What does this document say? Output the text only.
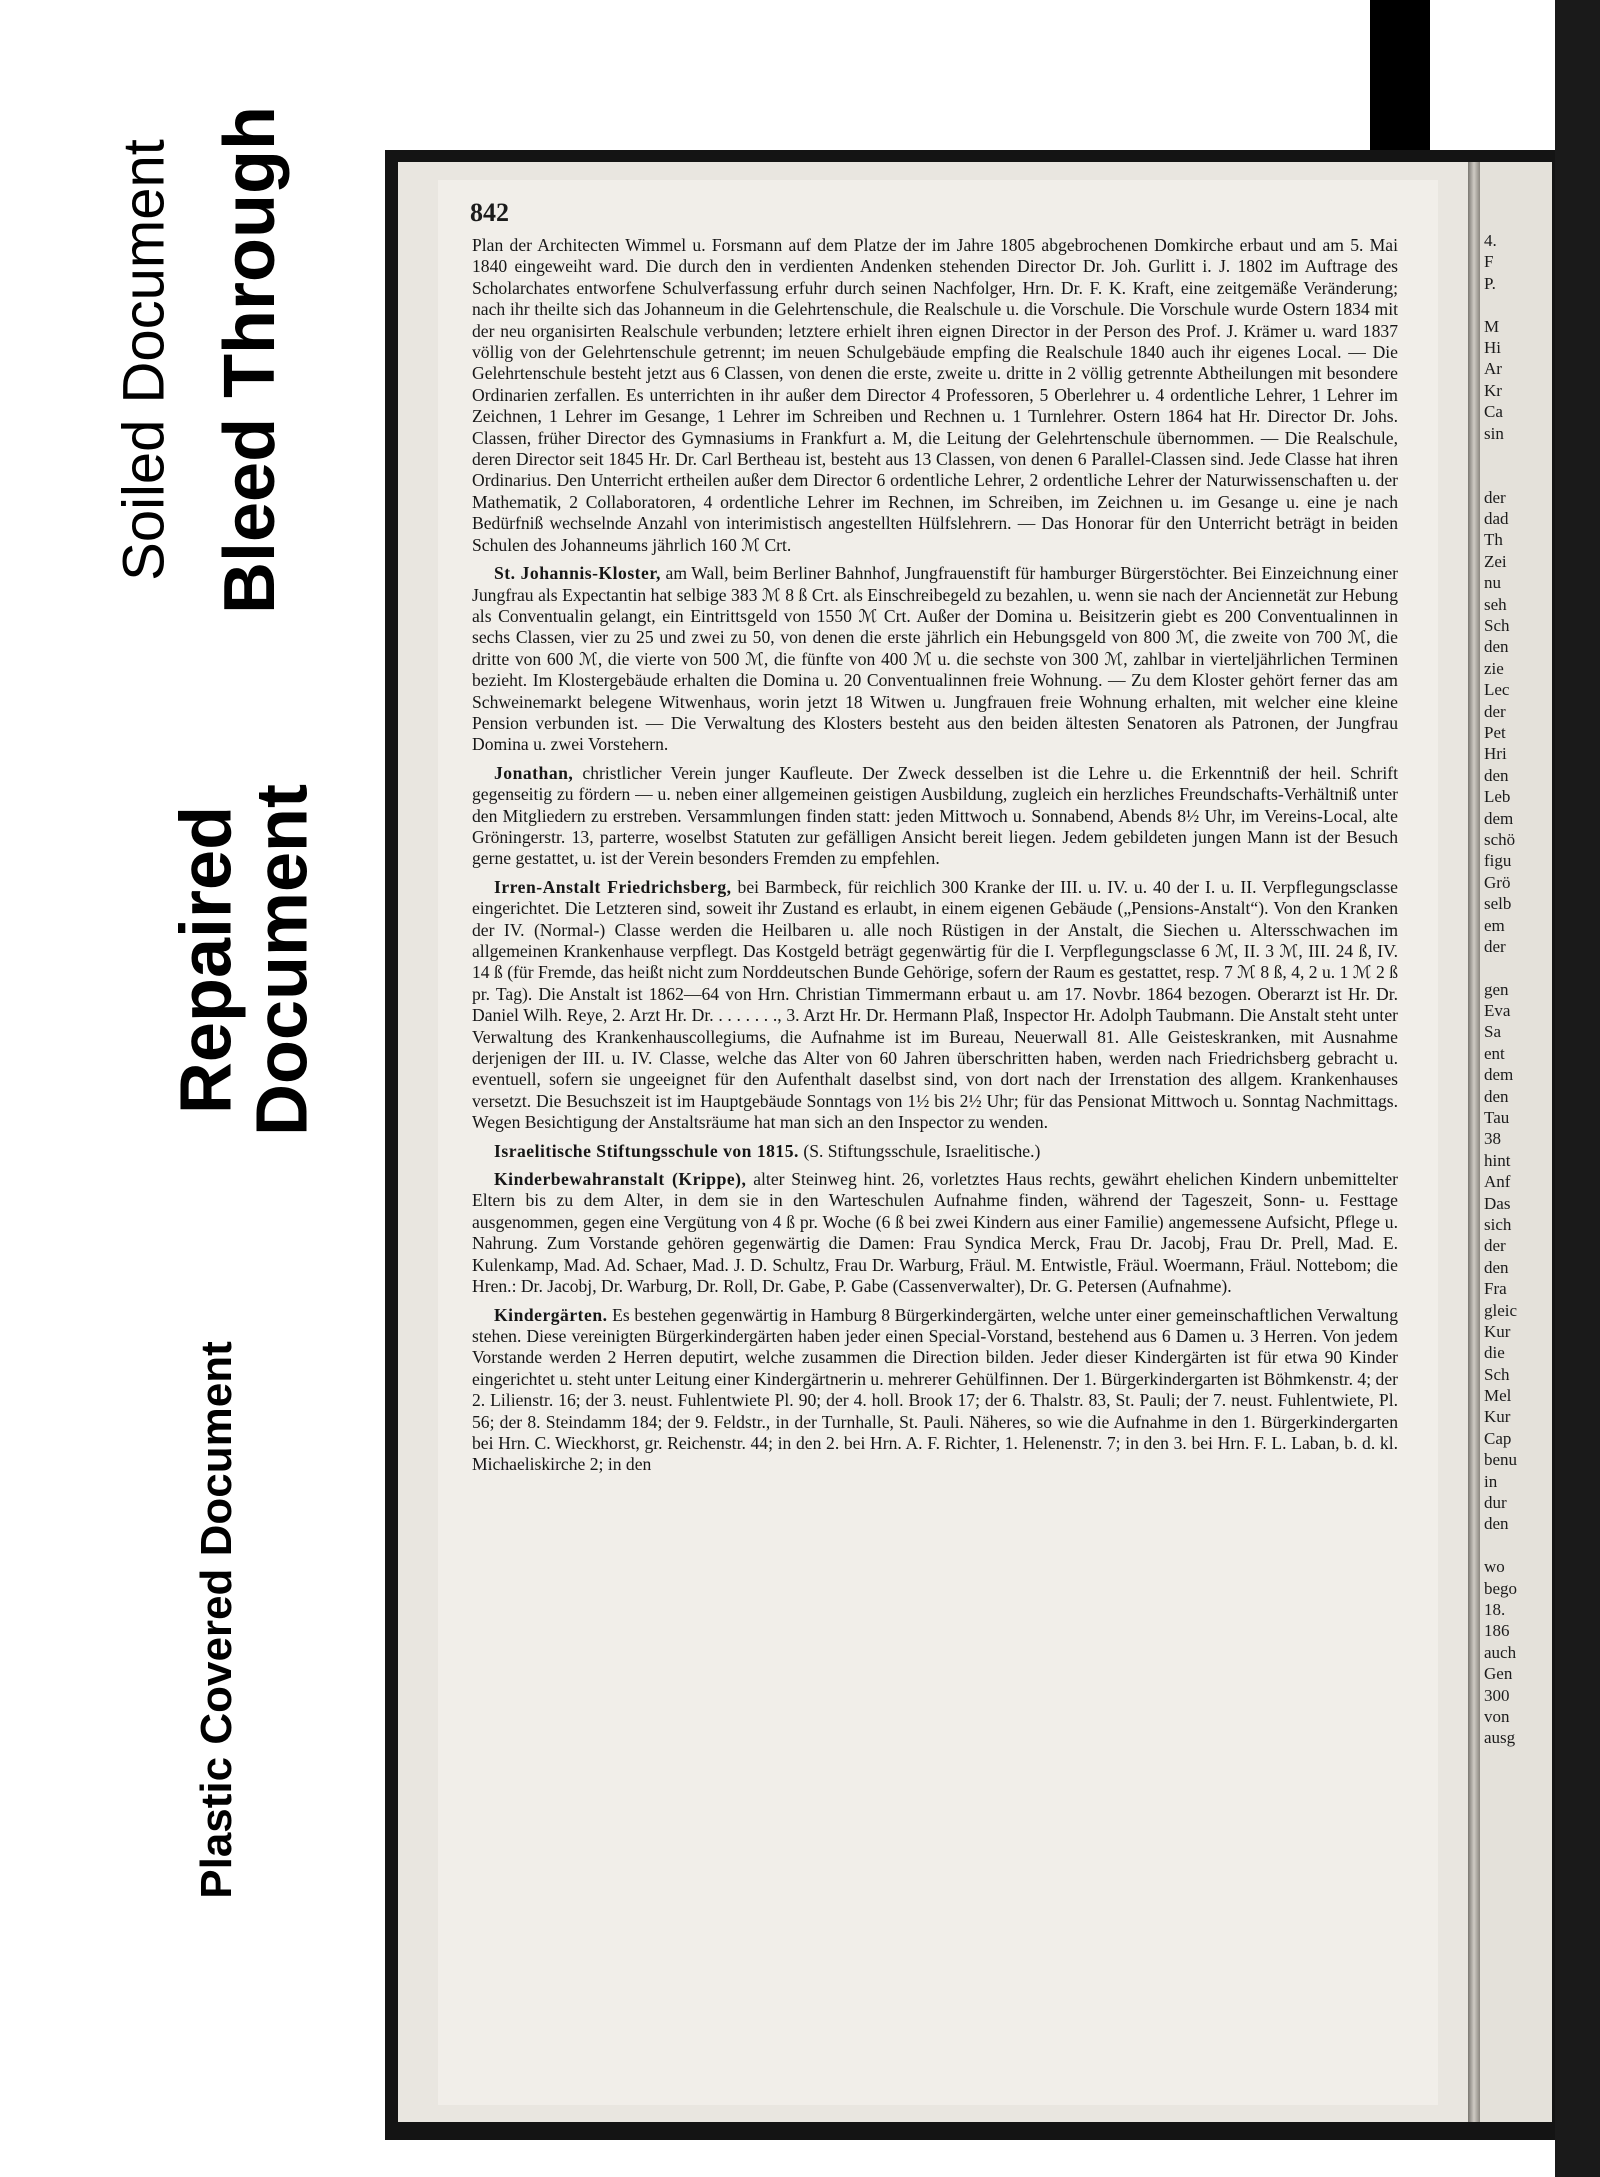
Soiled Document Bleed Through
Repaired
Document
Plastic Covered Document
842

Plan der Architecten Wimmel u. Forsmann auf dem Platze der im Jahre 1805 abgebrochenen Domkirche erbaut und am 5. Mai 1840 eingeweiht ward. Die durch den in verdienten Andenken stehenden Director Dr. Joh. Gurlitt i. J. 1802 im Auftrage des Scholarchates entworfene Schulverfassung erfuhr durch seinen Nachfolger, Hrn. Dr. F. K. Kraft, eine zeitgemäße Veränderung; nach ihr theilte sich das Johanneum in die Gelehrtenschule, die Realschule u. die Vorschule. Die Vorschule wurde Ostern 1834 mit der neu organisirten Realschule verbunden; letztere erhielt ihren eignen Director in der Person des Prof. J. Krämer u. ward 1837 völlig von der Gelehrtenschule getrennt; im neuen Schulgebäude empfing die Realschule 1840 auch ihr eigenes Local. — Die Gelehrtenschule besteht jetzt aus 6 Classen, von denen die erste, zweite u. dritte in 2 völlig getrennte Abtheilungen mit besondere Ordinarien zerfallen. Es unterrichten in ihr außer dem Director 4 Professoren, 5 Oberlehrer u. 4 ordentliche Lehrer, 1 Lehrer im Zeichnen, 1 Lehrer im Gesange, 1 Lehrer im Schreiben und Rechnen u. 1 Turnlehrer. Ostern 1864 hat Hr. Director Dr. Johs. Classen, früher Director des Gymnasiums in Frankfurt a. M, die Leitung der Gelehrtenschule übernommen. — Die Realschule, deren Director seit 1845 Hr. Dr. Carl Bertheau ist, besteht aus 13 Classen, von denen 6 Parallel-Classen sind. Jede Classe hat ihren Ordinarius. Den Unterricht ertheilen außer dem Director 6 ordentliche Lehrer, 2 ordentliche Lehrer der Naturwissenschaften u. der Mathematik, 2 Collaboratoren, 4 ordentliche Lehrer im Rechnen, im Schreiben, im Zeichnen u. im Gesange u. eine je nach Bedürfniß wechselnde Anzahl von interimistisch angestellten Hülfslehrern. — Das Honorar für den Unterricht beträgt in beiden Schulen des Johanneums jährlich 160 ℳ Crt.

St. Johannis-Kloster, am Wall, beim Berliner Bahnhof, Jungfrauenstift für hamburger Bürgerstöchter. Bei Einzeichnung einer Jungfrau als Expectantin hat selbige 383 ℳ 8 ß Crt. als Einschreibegeld zu bezahlen, u. wenn sie nach der Anciennetät zur Hebung als Conventualin gelangt, ein Eintrittsgeld von 1550 ℳ Crt. Außer der Domina u. Beisitzerin giebt es 200 Conventualinnen in sechs Classen, vier zu 25 und zwei zu 50, von denen die erste jährlich ein Hebungsgeld von 800 ℳ, die zweite von 700 ℳ, die dritte von 600 ℳ, die vierte von 500 ℳ, die fünfte von 400 ℳ u. die sechste von 300 ℳ, zahlbar in vierteljährlichen Terminen bezieht. Im Klostergebäude erhalten die Domina u. 20 Conventualinnen freie Wohnung. — Zu dem Kloster gehört ferner das am Schweinemarkt belegene Witwenhaus, worin jetzt 18 Witwen u. Jungfrauen freie Wohnung erhalten, mit welcher eine kleine Pension verbunden ist. — Die Verwaltung des Klosters besteht aus den beiden ältesten Senatoren als Patronen, der Jungfrau Domina u. zwei Vorstehern.

Jonathan, christlicher Verein junger Kaufleute. Der Zweck desselben ist die Lehre u. die Erkenntniß der heil. Schrift gegenseitig zu fördern — u. neben einer allgemeinen geistigen Ausbildung, zugleich ein herzliches Freundschafts-Verhältniß unter den Mitgliedern zu erstreben. Versammlungen finden statt: jeden Mittwoch u. Sonnabend, Abends 8½ Uhr, im Vereins-Local, alte Gröningerstr. 13, parterre, woselbst Statuten zur gefälligen Ansicht bereit liegen. Jedem gebildeten jungen Mann ist der Besuch gerne gestattet, u. ist der Verein besonders Fremden zu empfehlen.

Irren-Anstalt Friedrichsberg, bei Barmbeck, für reichlich 300 Kranke der III. u. IV. u. 40 der I. u. II. Verpflegungsclasse eingerichtet. Die Letzteren sind, soweit ihr Zustand es erlaubt, in einem eigenen Gebäude („Pensions-Anstalt“). Von den Kranken der IV. (Normal-) Classe werden die Heilbaren u. alle noch Rüstigen in der Anstalt, die Siechen u. Altersschwachen im allgemeinen Krankenhause verpflegt. Das Kostgeld beträgt gegenwärtig für die I. Verpflegungsclasse 6 ℳ, II. 3 ℳ, III. 24 ß, IV. 14 ß (für Fremde, das heißt nicht zum Norddeutschen Bunde Gehörige, sofern der Raum es gestattet, resp. 7 ℳ 8 ß, 4, 2 u. 1 ℳ 2 ß pr. Tag). Die Anstalt ist 1862—64 von Hrn. Christian Timmermann erbaut u. am 17. Novbr. 1864 bezogen. Oberarzt ist Hr. Dr. Daniel Wilh. Reye, 2. Arzt Hr. Dr. . . . . . . ., 3. Arzt Hr. Dr. Hermann Plaß, Inspector Hr. Adolph Taubmann. Die Anstalt steht unter Verwaltung des Krankenhauscollegiums, die Aufnahme ist im Bureau, Neuerwall 81. Alle Geisteskranken, mit Ausnahme derjenigen der III. u. IV. Classe, welche das Alter von 60 Jahren überschritten haben, werden nach Friedrichsberg gebracht u. eventuell, sofern sie ungeeignet für den Aufenthalt daselbst sind, von dort nach der Irrenstation des allgem. Krankenhauses versetzt. Die Besuchszeit ist im Hauptgebäude Sonntags von 1½ bis 2½ Uhr; für das Pensionat Mittwoch u. Sonntag Nachmittags. Wegen Besichtigung der Anstaltsräume hat man sich an den Inspector zu wenden.

Israelitische Stiftungsschule von 1815. (S. Stiftungsschule, Israelitische.)

Kinderbewahranstalt (Krippe), alter Steinweg hint. 26, vorletztes Haus rechts, gewährt ehelichen Kindern unbemittelter Eltern bis zu dem Alter, in dem sie in den Warteschulen Aufnahme finden, während der Tageszeit, Sonn- u. Festtage ausgenommen, gegen eine Vergütung von 4 ß pr. Woche (6 ß bei zwei Kindern aus einer Familie) angemessene Aufsicht, Pflege u. Nahrung. Zum Vorstande gehören gegenwärtig die Damen: Frau Syndica Merck, Frau Dr. Jacobj, Frau Dr. Prell, Mad. E. Kulenkamp, Mad. Ad. Schaer, Mad. J. D. Schultz, Frau Dr. Warburg, Fräul. M. Entwistle, Fräul. Woermann, Fräul. Nottebom; die Hren.: Dr. Jacobj, Dr. Warburg, Dr. Roll, Dr. Gabe, P. Gabe (Cassenverwalter), Dr. G. Petersen (Aufnahme).

Kindergärten. Es bestehen gegenwärtig in Hamburg 8 Bürgerkindergärten, welche unter einer gemeinschaftlichen Verwaltung stehen. Diese vereinigten Bürgerkindergärten haben jeder einen Special-Vorstand, bestehend aus 6 Damen u. 3 Herren. Von jedem Vorstande werden 2 Herren deputirt, welche zusammen die Direction bilden. Jeder dieser Kindergärten ist für etwa 90 Kinder eingerichtet u. steht unter Leitung einer Kindergärtnerin u. mehrerer Gehülfinnen. Der 1. Bürgerkindergarten ist Böhmkenstr. 4; der 2. Lilienstr. 16; der 3. neust. Fuhlentwiete Pl. 90; der 4. holl. Brook 17; der 6. Thalstr. 83, St. Pauli; der 7. neust. Fuhlentwiete, Pl. 56; der 8. Steindamm 184; der 9. Feldstr., in der Turnhalle, St. Pauli. Näheres, so wie die Aufnahme in den 1. Bürgerkindergarten bei Hrn. C. Wieckhorst, gr. Reichenstr. 44; in den 2. bei Hrn. A. F. Richter, 1. Helenenstr. 7; in den 3. bei Hrn. F. L. Laban, b. d. kl. Michaeliskirche 2; in den

4.
F
P.
M
Hi
Ar
Kr
Ca
sin
der
dad
Th
Zei
nu
seh
Sch
den
zie
Lec
der
Pet
Hri
den
Leb
dem
schö
figu
Grö
selb
em
der
gen
Eva
Sa
ent
dem
den
Tau
38
hint
Anf
Das
sich
der
den
Fra
gleic
Kur
die
Sch
Mel
Kur
Cap
benu
in
dur
den
wo
bego
18.
186
auch
Gen
300
von
ausg
